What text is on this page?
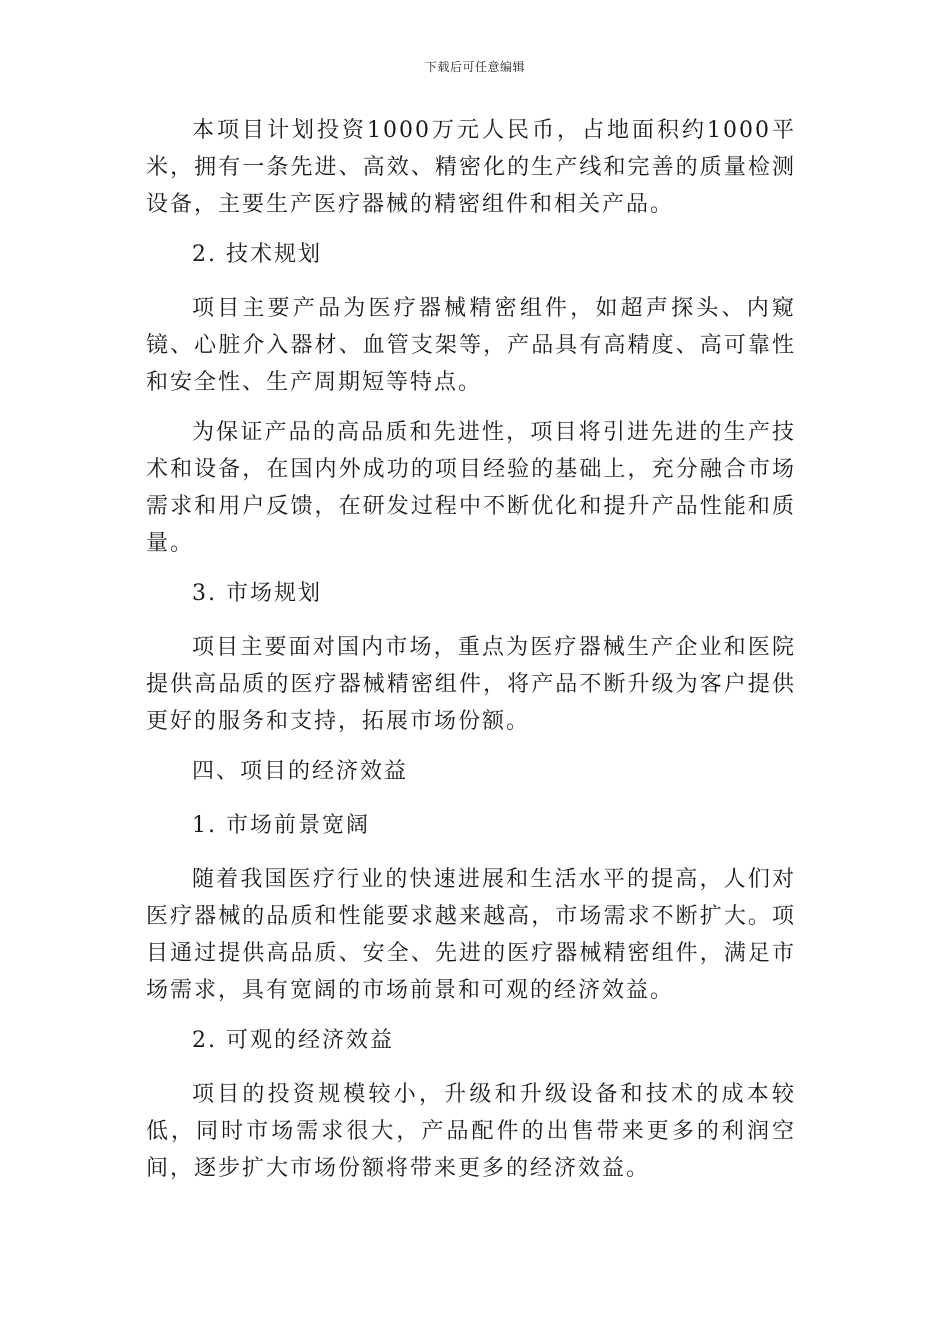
下载后可任意编辑

本项目计划投资1000万元人民币，占地面积约1000平米，拥有一条先进、高效、精密化的生产线和完善的质量检测设备，主要生产医疗器械的精密组件和相关产品。

2. 技术规划

项目主要产品为医疗器械精密组件，如超声探头、内窥镜、心脏介入器材、血管支架等，产品具有高精度、高可靠性和安全性、生产周期短等特点。

为保证产品的高品质和先进性，项目将引进先进的生产技术和设备，在国内外成功的项目经验的基础上，充分融合市场需求和用户反馈，在研发过程中不断优化和提升产品性能和质量。

3. 市场规划

项目主要面对国内市场，重点为医疗器械生产企业和医院提供高品质的医疗器械精密组件，将产品不断升级为客户提供更好的服务和支持，拓展市场份额。

四、项目的经济效益

1. 市场前景宽阔

随着我国医疗行业的快速进展和生活水平的提高，人们对医疗器械的品质和性能要求越来越高，市场需求不断扩大。项目通过提供高品质、安全、先进的医疗器械精密组件，满足市场需求，具有宽阔的市场前景和可观的经济效益。

2. 可观的经济效益

项目的投资规模较小，升级和升级设备和技术的成本较低，同时市场需求很大，产品配件的出售带来更多的利润空间，逐步扩大市场份额将带来更多的经济效益。
